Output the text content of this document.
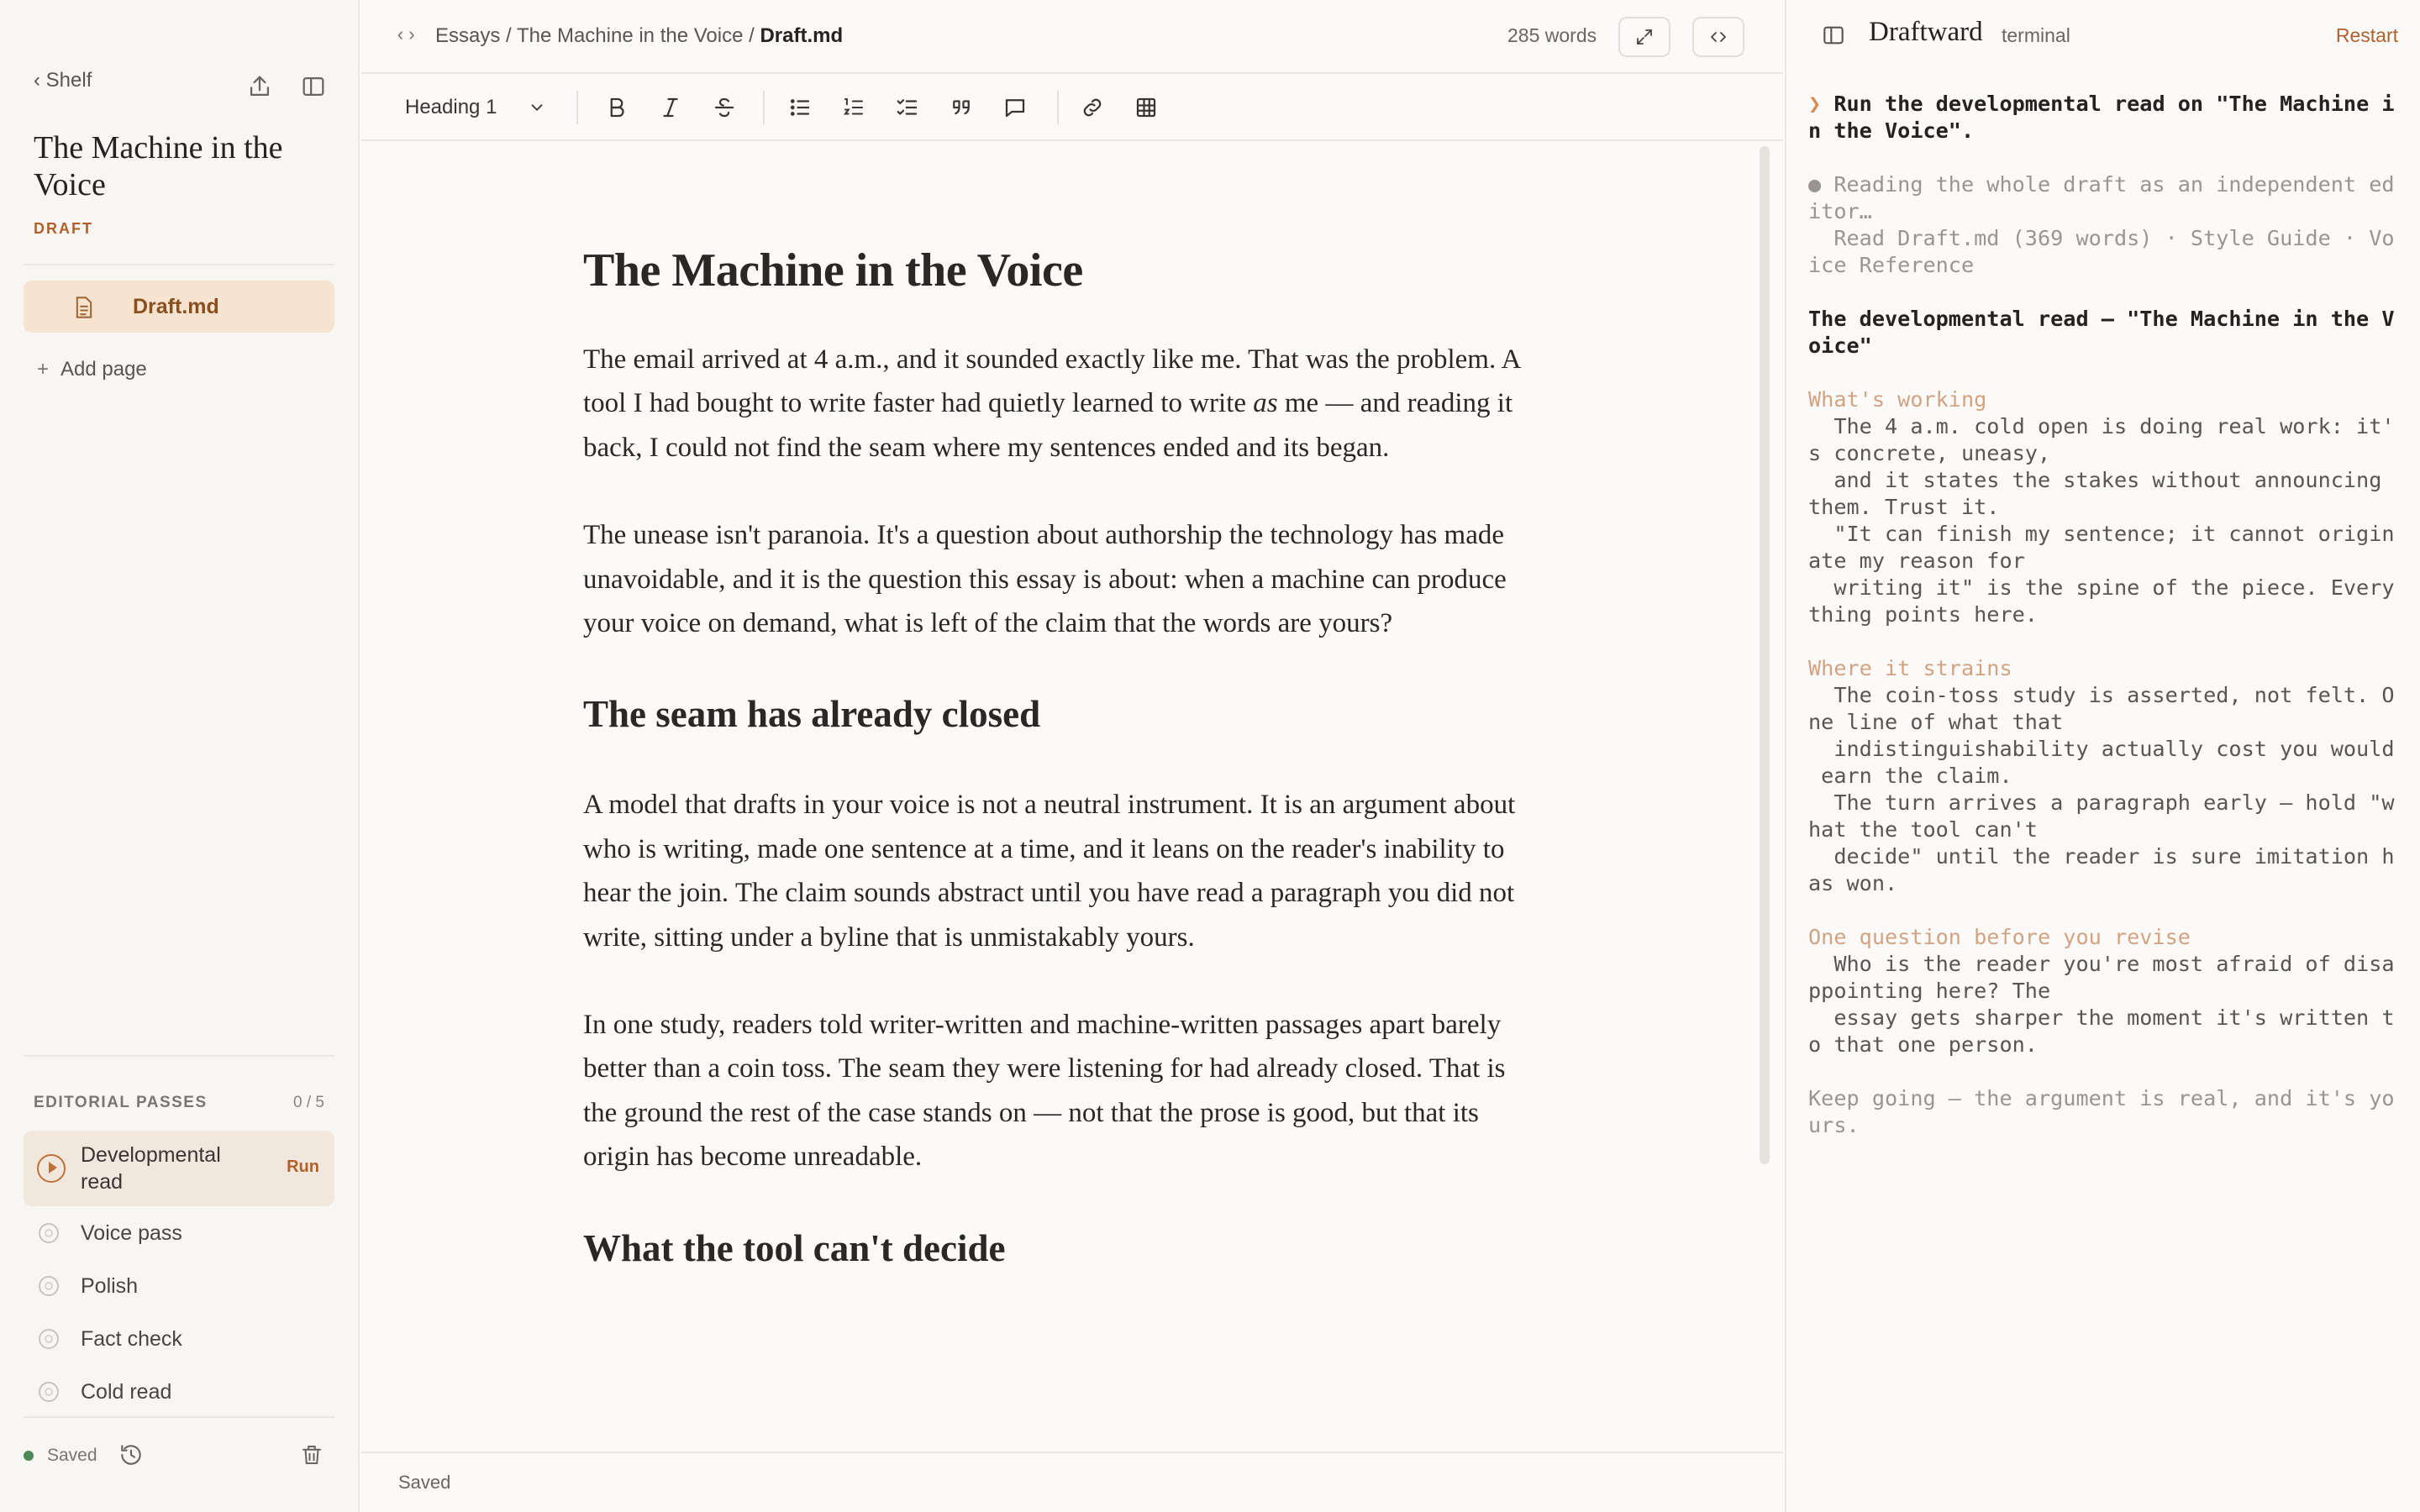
‹ Shelf
The Machine in the Voice
DRAFT
Draft.md
+ Add page
EDITORIAL PASSES	0 / 5
Developmental read
Run
Voice pass
Polish
Fact check
Cold read
Saved
‹› Essays / The Machine in the Voice / Draft.md	285 words
Heading 1
The Machine in the Voice

The email arrived at 4 a.m., and it sounded exactly like me. That was the problem. A tool I had bought to write faster had quietly learned to write as me — and reading it back, I could not find the seam where my sentences ended and its began.

The unease isn't paranoia. It's a question about authorship the technology has made unavoidable, and it is the question this essay is about: when a machine can produce your voice on demand, what is left of the claim that the words are yours?

The seam has already closed

A model that drafts in your voice is not a neutral instrument. It is an argument about who is writing, made one sentence at a time, and it leans on the reader's inability to hear the join. The claim sounds abstract until you have read a paragraph you did not write, sitting under a byline that is unmistakably yours.

In one study, readers told writer-written and machine-written passages apart barely better than a coin toss. The seam they were listening for had already closed. That is the ground the rest of the case stands on — not that the prose is good, but that its origin has become unreadable.

What the tool can't decide
Saved
Draftward terminal	Restart
❯ Run the developmental read on "The Machine i
n the Voice".
● Reading the whole draft as an independent ed
itor…
Read Draft.md (369 words) · Style Guide · Vo
ice Reference
The developmental read — "The Machine in the V
oice"
What's working
The 4 a.m. cold open is doing real work: it'
s concrete, uneasy,
and it states the stakes without announcing
them. Trust it.
"It can finish my sentence; it cannot origin
ate my reason for
writing it" is the spine of the piece. Every
thing points here.
Where it strains
The coin-toss study is asserted, not felt. O
ne line of what that
indistinguishability actually cost you would
earn the claim.
The turn arrives a paragraph early — hold "w
hat the tool can't
decide" until the reader is sure imitation h
as won.
One question before you revise
Who is the reader you're most afraid of disa
ppointing here? The
essay gets sharper the moment it's written t
o that one person.
Keep going — the argument is real, and it's yo
urs.
